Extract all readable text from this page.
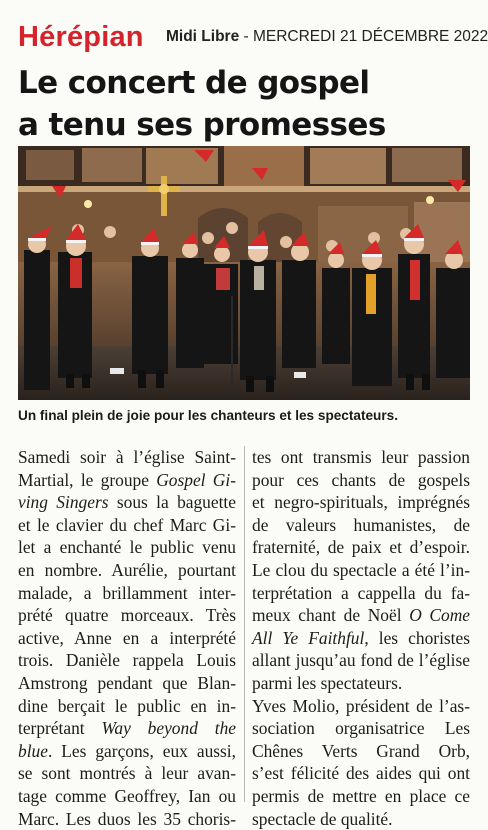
Hérépian Midi Libre - MERCREDI 21 DÉCEMBRE 2022
Le concert de gospel
a tenu ses promesses
Un final plein de joie pour les chanteurs et les spectateurs.

Samedi soir à l’église Saint-

Martial, le groupe Gospel Gi-

ving Singers sous la baguette

et le clavier du chef Marc Gi-

let a enchanté le public venu

en nombre. Aurélie, pourtant

malade, a brillamment inter-

prété quatre morceaux. Très

active, Anne en a interprété

trois. Danièle rappela Louis

Amstrong pendant que Blan-

dine berçait le public en in-

terprétant Way beyond the

blue. Les garçons, eux aussi,

se sont montrés à leur avan-

tage comme Geoffrey, Ian ou

Marc. Les duos les 35 choris-

tes ont transmis leur passion

pour ces chants de gospels

et negro-spirituals, imprégnés

de valeurs humanistes, de

fraternité, de paix et d’espoir.

Le clou du spectacle a été l’in-

terprétation a cappella du fa-

meux chant de Noël O Come

All Ye Faithful, les choristes

allant jusqu’au fond de l’église

parmi les spectateurs.

Yves Molio, président de l’as-

sociation organisatrice Les

Chênes Verts Grand Orb,

s’est félicité des aides qui ont

permis de mettre en place ce

spectacle de qualité.
